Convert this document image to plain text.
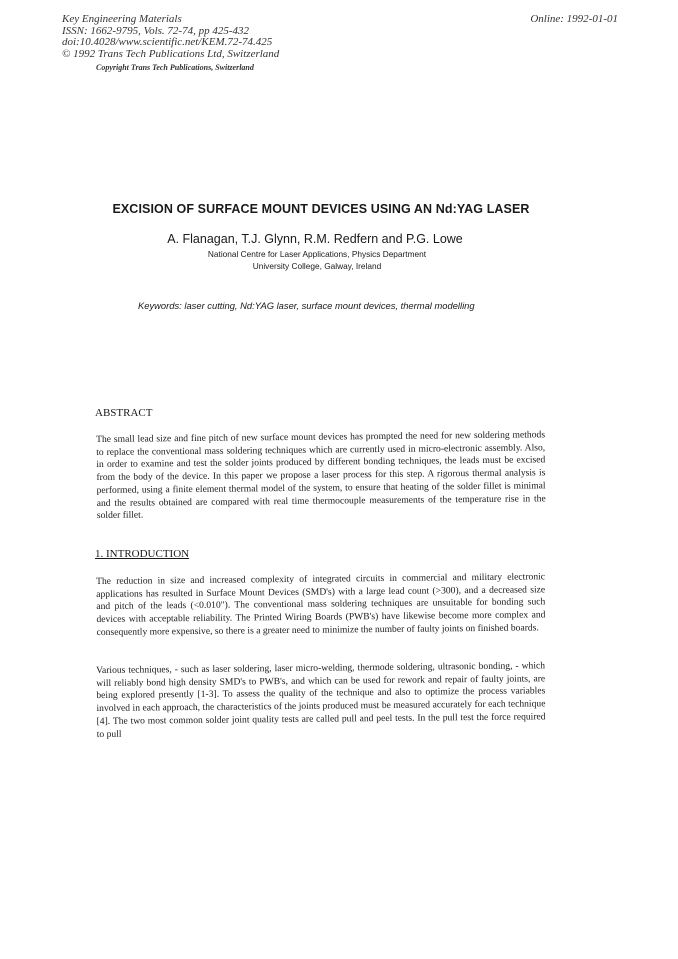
Key Engineering Materials
ISSN: 1662-9795, Vols. 72-74, pp 425-432
doi:10.4028/www.scientific.net/KEM.72-74.425
© 1992 Trans Tech Publications Ltd, Switzerland
Online: 1992-01-01
Copyright Trans Tech Publications, Switzerland
EXCISION OF SURFACE MOUNT DEVICES USING AN Nd:YAG LASER
A. Flanagan, T.J. Glynn, R.M. Redfern and P.G. Lowe
National Centre for Laser Applications, Physics Department
University College, Galway, Ireland
Keywords: laser cutting, Nd:YAG laser, surface mount devices, thermal modelling
ABSTRACT
The small lead size and fine pitch of new surface mount devices has prompted the need for new soldering methods to replace the conventional mass soldering techniques which are currently used in micro-electronic assembly. Also, in order to examine and test the solder joints produced by different bonding techniques, the leads must be excised from the body of the device. In this paper we propose a laser process for this step. A rigorous thermal analysis is performed, using a finite element thermal model of the system, to ensure that heating of the solder fillet is minimal and the results obtained are compared with real time thermocouple measurements of the temperature rise in the solder fillet.
1. INTRODUCTION
The reduction in size and increased complexity of integrated circuits in commercial and military electronic applications has resulted in Surface Mount Devices (SMD's) with a large lead count (>300), and a decreased size and pitch of the leads (<0.010"). The conventional mass soldering techniques are unsuitable for bonding such devices with acceptable reliability. The Printed Wiring Boards (PWB's) have likewise become more complex and consequently more expensive, so there is a greater need to minimize the number of faulty joints on finished boards.
Various techniques, - such as laser soldering, laser micro-welding, thermode soldering, ultrasonic bonding, - which will reliably bond high density SMD's to PWB's, and which can be used for rework and repair of faulty joints, are being explored presently [1-3]. To assess the quality of the technique and also to optimize the process variables involved in each approach, the characteristics of the joints produced must be measured accurately for each technique [4]. The two most common solder joint quality tests are called pull and peel tests. In the pull test the force required to pull
